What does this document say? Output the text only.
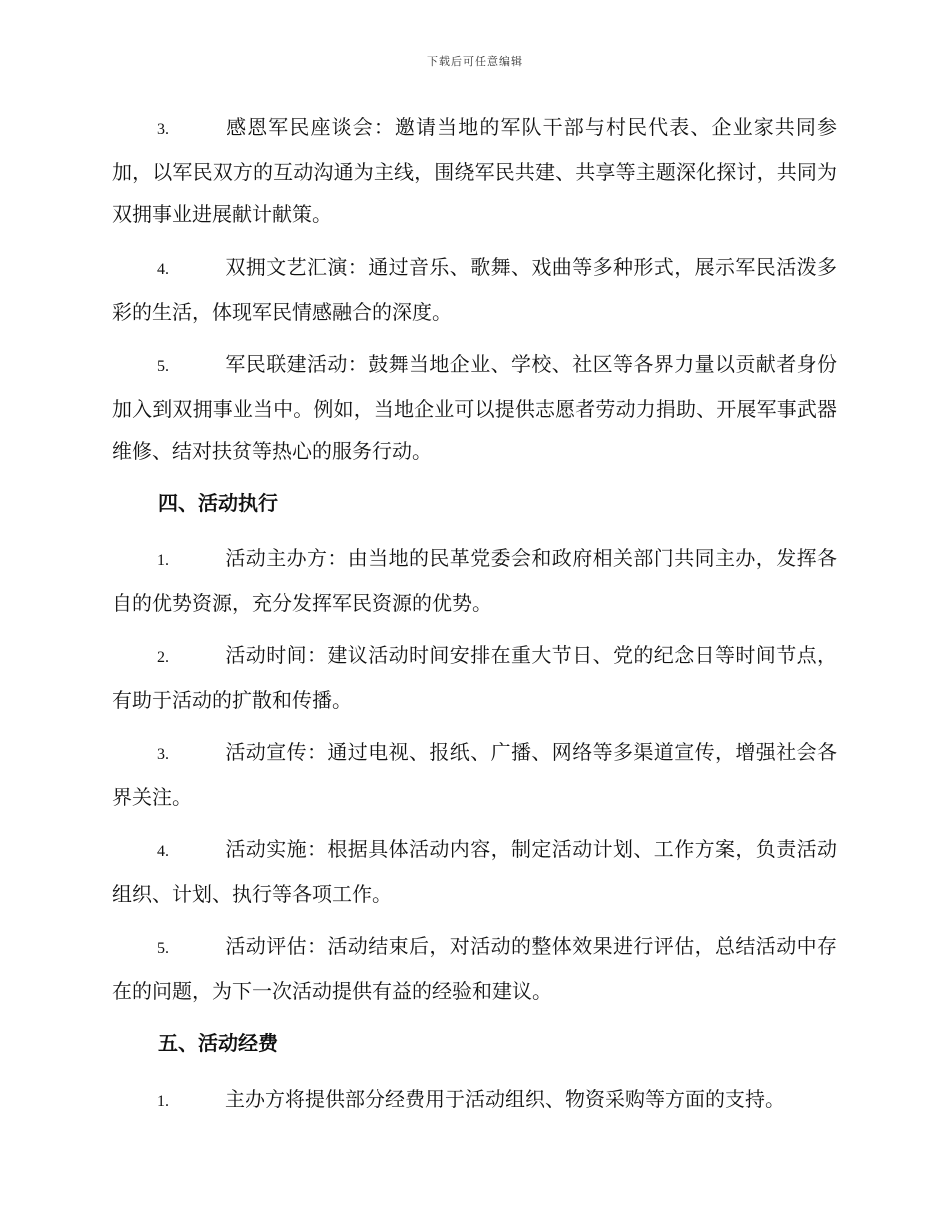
下载后可任意编辑

3.	感恩军民座谈会：邀请当地的军队干部与村民代表、企业家共同参加，以军民双方的互动沟通为主线，围绕军民共建、共享等主题深化探讨，共同为双拥事业进展献计献策。

4.	双拥文艺汇演：通过音乐、歌舞、戏曲等多种形式，展示军民活泼多彩的生活，体现军民情感融合的深度。

5.	军民联建活动：鼓舞当地企业、学校、社区等各界力量以贡献者身份加入到双拥事业当中。例如，当地企业可以提供志愿者劳动力捐助、开展军事武器维修、结对扶贫等热心的服务行动。

四、活动执行

1.	活动主办方：由当地的民革党委会和政府相关部门共同主办，发挥各自的优势资源，充分发挥军民资源的优势。

2.	活动时间：建议活动时间安排在重大节日、党的纪念日等时间节点，有助于活动的扩散和传播。

3.	活动宣传：通过电视、报纸、广播、网络等多渠道宣传，增强社会各界关注。

4.	活动实施：根据具体活动内容，制定活动计划、工作方案，负责活动组织、计划、执行等各项工作。

5.	活动评估：活动结束后，对活动的整体效果进行评估，总结活动中存在的问题，为下一次活动提供有益的经验和建议。

五、活动经费

1.	主办方将提供部分经费用于活动组织、物资采购等方面的支持。
